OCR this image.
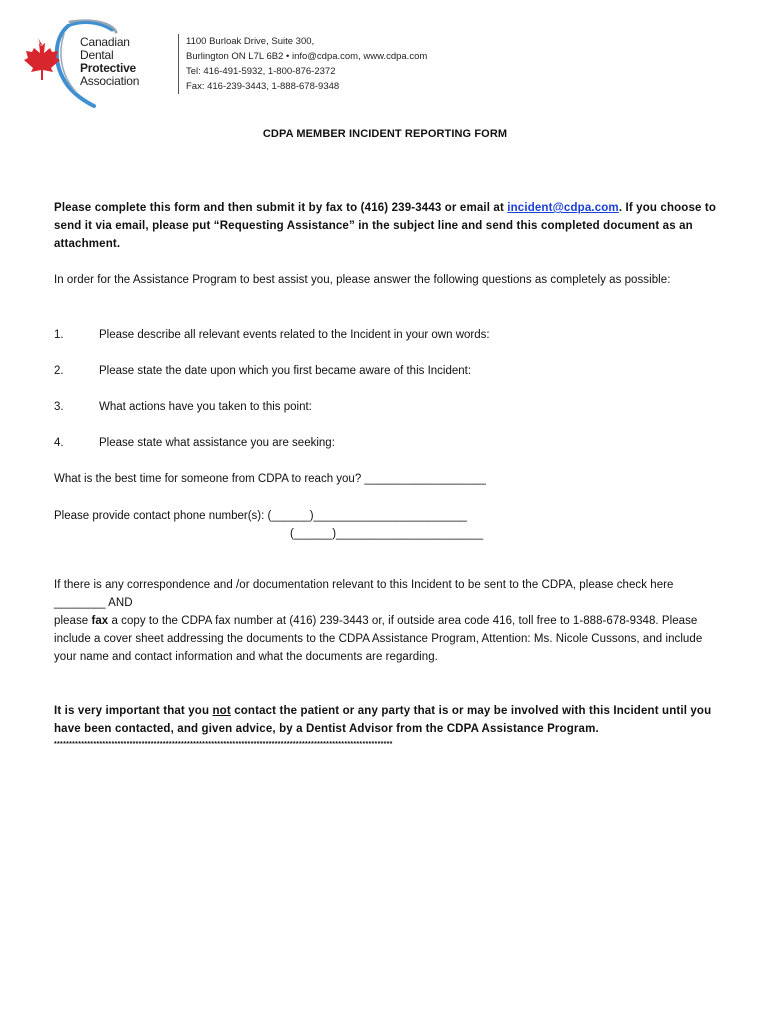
Canadian
Dental
Protective
Association
1100 Burloak Drive, Suite 300,
Burlington ON L7L 6B2 • info@cdpa.com, www.cdpa.com
Tel: 416-491-5932, 1-800-876-2372
Fax: 416-239-3443, 1-888-678-9348
CDPA MEMBER INCIDENT REPORTING FORM
Please complete this form and then submit it by fax to (416) 239-3443 or email at incident@cdpa.com. If you choose to send it via email, please put “Requesting Assistance” in the subject line and send this completed document as an attachment.
In order for the Assistance Program to best assist you, please answer the following questions as completely as possible:
1.	Please describe all relevant events related to the Incident in your own words:
2.	Please state the date upon which you first became aware of this Incident:
3.	What actions have you taken to this point:
4.	Please state what assistance you are seeking:
What is the best time for someone from CDPA to reach you? ___________________
Please provide contact phone number(s): (______)________________________
(______)_______________________
If there is any correspondence and /or documentation relevant to this Incident to be sent to the CDPA, please check here ________ AND
please fax a copy to the CDPA fax number at (416) 239-3443 or, if outside area code 416, toll free to 1-888-678-9348. Please include a cover sheet addressing the documents to the CDPA Assistance Program, Attention: Ms. Nicole Cussons, and include your name and contact information and what the documents are regarding.
It is very important that you not contact the patient or any party that is or may be involved with this Incident until you have been contacted, and given advice, by a Dentist Advisor from the CDPA Assistance Program.
****************************************************************************************************************
